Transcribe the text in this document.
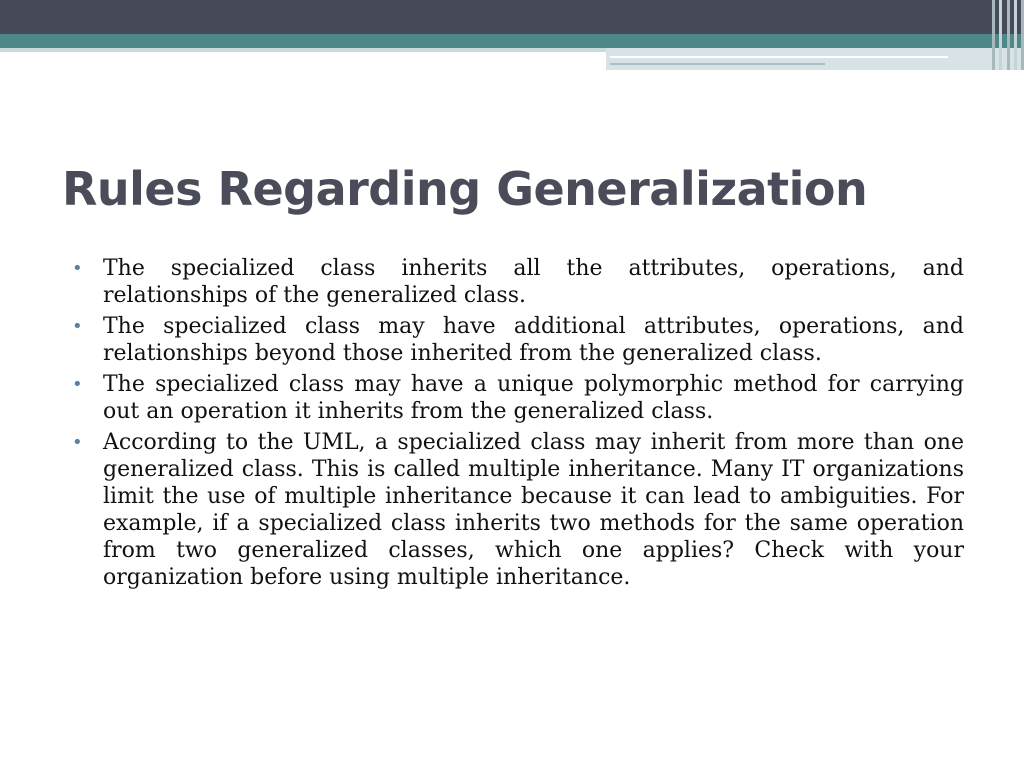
Rules Regarding Generalization
• The specialized class inherits all the attributes, operations, and relationships of the generalized class.
• The specialized class may have additional attributes, operations, and relationships beyond those inherited from the generalized class.
• The specialized class may have a unique polymorphic method for carrying out an operation it inherits from the generalized class.
• According to the UML, a specialized class may inherit from more than one generalized class. This is called multiple inheritance. Many IT organizations limit the use of multiple inheritance because it can lead to ambiguities. For example, if a specialized class inherits two methods for the same operation from two generalized classes, which one applies? Check with your organization before using multiple inheritance.
